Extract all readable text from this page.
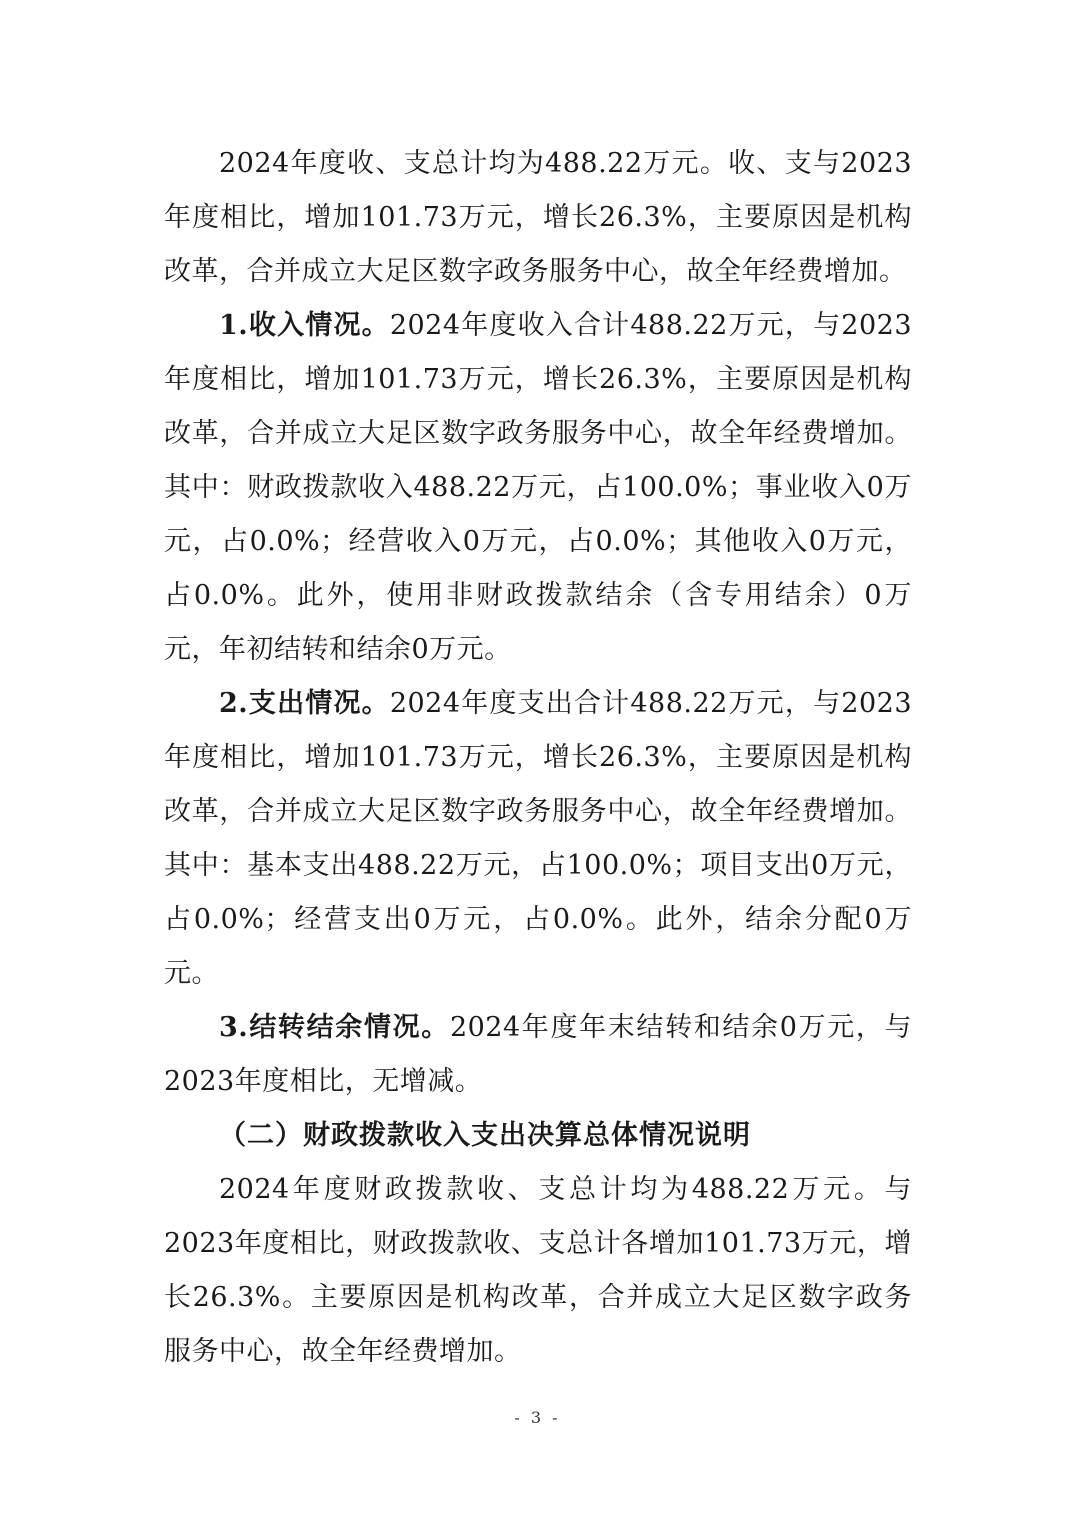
2024年度收、支总计均为488.22万元。收、支与2023年度相比，增加101.73万元，增长26.3%，主要原因是机构改革，合并成立大足区数字政务服务中心，故全年经费增加。

1.收入情况。2024年度收入合计488.22万元，与2023年度相比，增加101.73万元，增长26.3%，主要原因是机构改革，合并成立大足区数字政务服务中心，故全年经费增加。其中：财政拨款收入488.22万元，占100.0%；事业收入0万元，占0.0%；经营收入0万元，占0.0%；其他收入0万元，占0.0%。此外，使用非财政拨款结余（含专用结余）0万元，年初结转和结余0万元。

2.支出情况。2024年度支出合计488.22万元，与2023年度相比，增加101.73万元，增长26.3%，主要原因是机构改革，合并成立大足区数字政务服务中心，故全年经费增加。其中：基本支出488.22万元，占100.0%；项目支出0万元，占0.0%；经营支出0万元，占0.0%。此外，结余分配0万元。

3.结转结余情况。2024年度年末结转和结余0万元，与2023年度相比，无增减。

（二）财政拨款收入支出决算总体情况说明

2024年度财政拨款收、支总计均为488.22万元。与2023年度相比，财政拨款收、支总计各增加101.73万元，增长26.3%。主要原因是机构改革，合并成立大足区数字政务服务中心，故全年经费增加。

- 3 -
